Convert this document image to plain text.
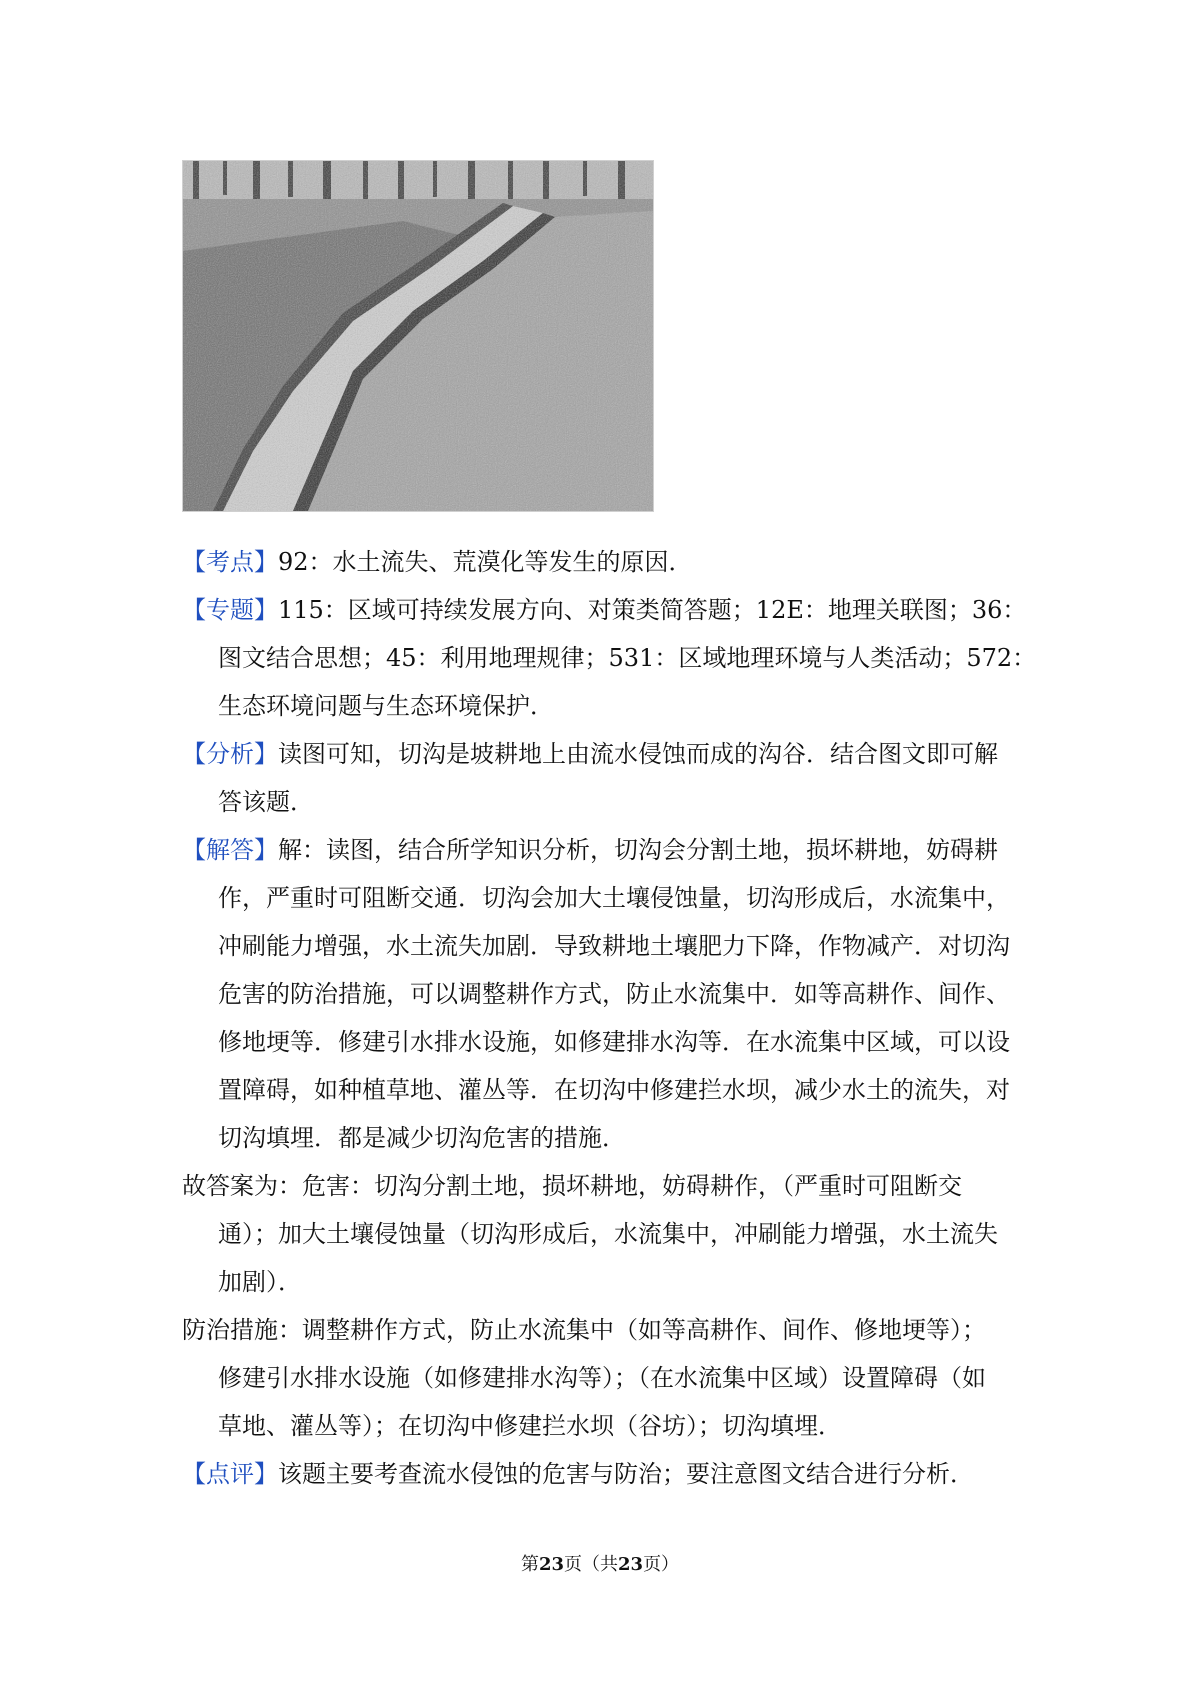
【考点】92：水土流失、荒漠化等发生的原因．
【专题】115：区域可持续发展方向、对策类简答题；12E：地理关联图；36：
图文结合思想；45：利用地理规律；531：区域地理环境与人类活动；572：
生态环境问题与生态环境保护．
【分析】读图可知，切沟是坡耕地上由流水侵蚀而成的沟谷．结合图文即可解
答该题．
【解答】解：读图，结合所学知识分析，切沟会分割土地，损坏耕地，妨碍耕
作，严重时可阻断交通．切沟会加大土壤侵蚀量，切沟形成后，水流集中，
冲刷能力增强，水土流失加剧．导致耕地土壤肥力下降，作物减产．对切沟
危害的防治措施，可以调整耕作方式，防止水流集中．如等高耕作、间作、
修地埂等．修建引水排水设施，如修建排水沟等．在水流集中区域，可以设
置障碍，如种植草地、灌丛等．在切沟中修建拦水坝，减少水土的流失，对
切沟填埋．都是减少切沟危害的措施．
故答案为：危害：切沟分割土地，损坏耕地，妨碍耕作，（严重时可阻断交
通）；加大土壤侵蚀量（切沟形成后，水流集中，冲刷能力增强，水土流失
加剧）．
防治措施：调整耕作方式，防止水流集中（如等高耕作、间作、修地埂等）；
修建引水排水设施（如修建排水沟等）；（在水流集中区域）设置障碍（如
草地、灌丛等）；在切沟中修建拦水坝（谷坊）；切沟填埋．
【点评】该题主要考查流水侵蚀的危害与防治；要注意图文结合进行分析．
第23页（共23页）
